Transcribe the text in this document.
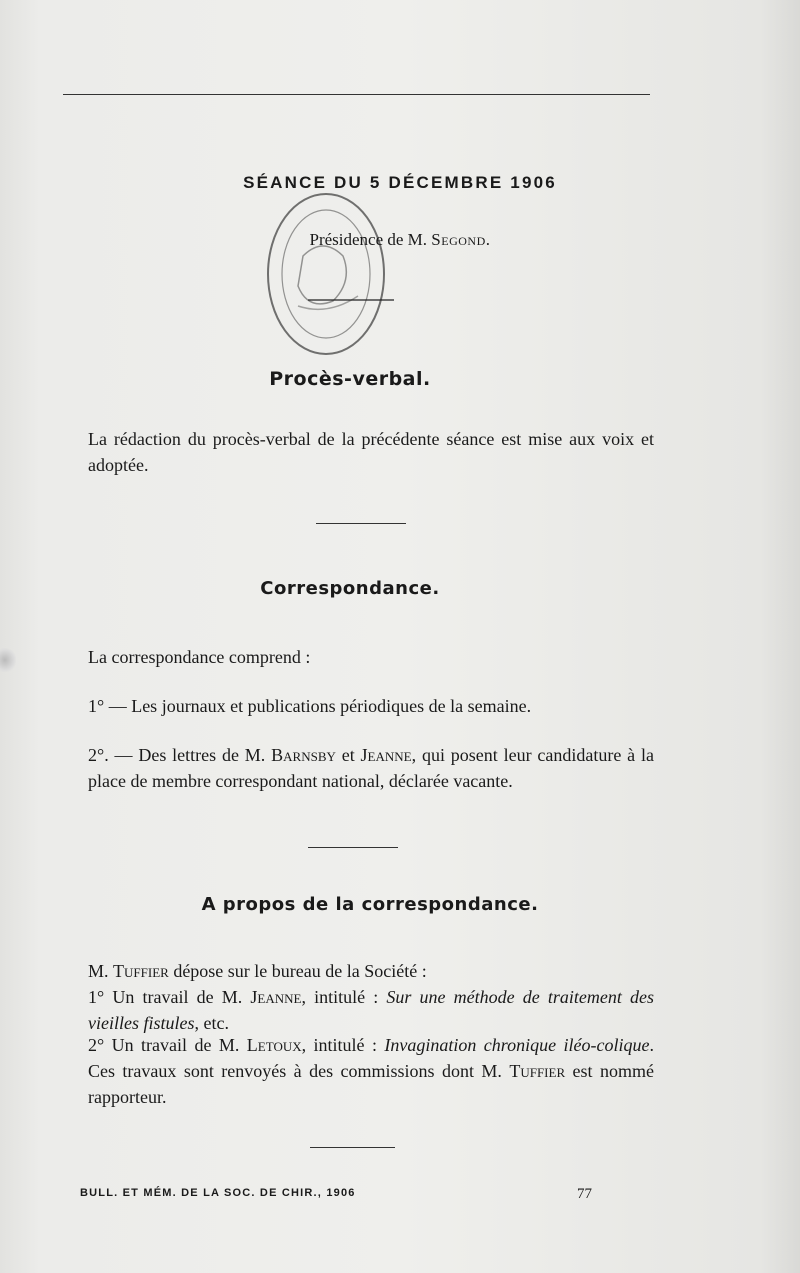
SÉANCE DU 5 DÉCEMBRE 1906
Présidence de M. Segond.
Procès-verbal.
La rédaction du procès-verbal de la précédente séance est mise aux voix et adoptée.
Correspondance.
La correspondance comprend :
1° — Les journaux et publications périodiques de la semaine.
2°. — Des lettres de M. Barnsby et Jeanne, qui posent leur candidature à la place de membre correspondant national, déclarée vacante.
A propos de la correspondance.
M. Tuffier dépose sur le bureau de la Société :
1° Un travail de M. Jeanne, intitulé : Sur une méthode de traitement des vieilles fistules, etc.
2° Un travail de M. Letoux, intitulé : Invagination chronique iléo-colique. Ces travaux sont renvoyés à des commissions dont M. Tuffier est nommé rapporteur.
BULL. ET MÉM. DE LA SOC. DE CHIR., 1906	77
